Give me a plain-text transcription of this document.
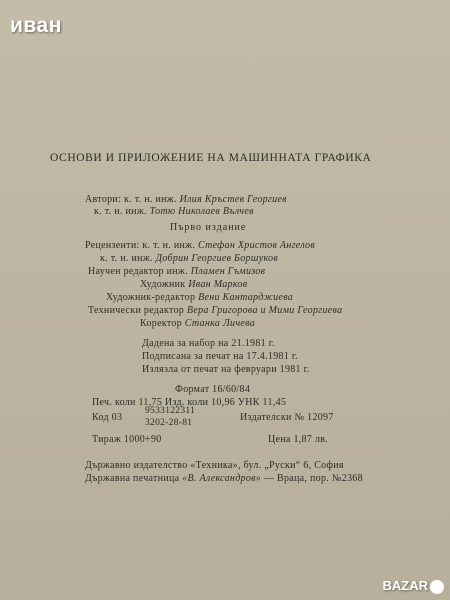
иван
ОСНОВИ И ПРИЛОЖЕНИЕ НА МАШИННАТА ГРАФИКА
Автори: к. т. н. инж. Илия Кръстев Георгиев
к. т. н. инж. Тотю Николаев Вълчев
Първо издание
Рецензенти: к. т. н. инж. Стефан Христов Ангелов
к. т. н. инж. Добрин Георгиев Боршуков
Научен редактор инж. Пламен Гъмизов
Художник Иван Марков
Художник-редактор Вени Кантарджиева
Технически редактор Вера Григорова и Мими Георгиева
Коректор Станка Личева
Дадена за набор на 21.1981 г.
Подписана за печат на 17.4.1981 г.
Излязла от печат на февруари 1981 г.
Формат 16/60/84
Печ. коли 11,75 Изд. коли 10,96 УНК 11,45
Код 03
9533122311
3202-28-81	Издателски № 12097
Тираж 1000+90	Цена 1,87 лв.
Държавно издателство «Техника», бул. „Руски“ 6, София
Държавна печатница «В. Александров» — Враца, пор. №2368
BAZAR
